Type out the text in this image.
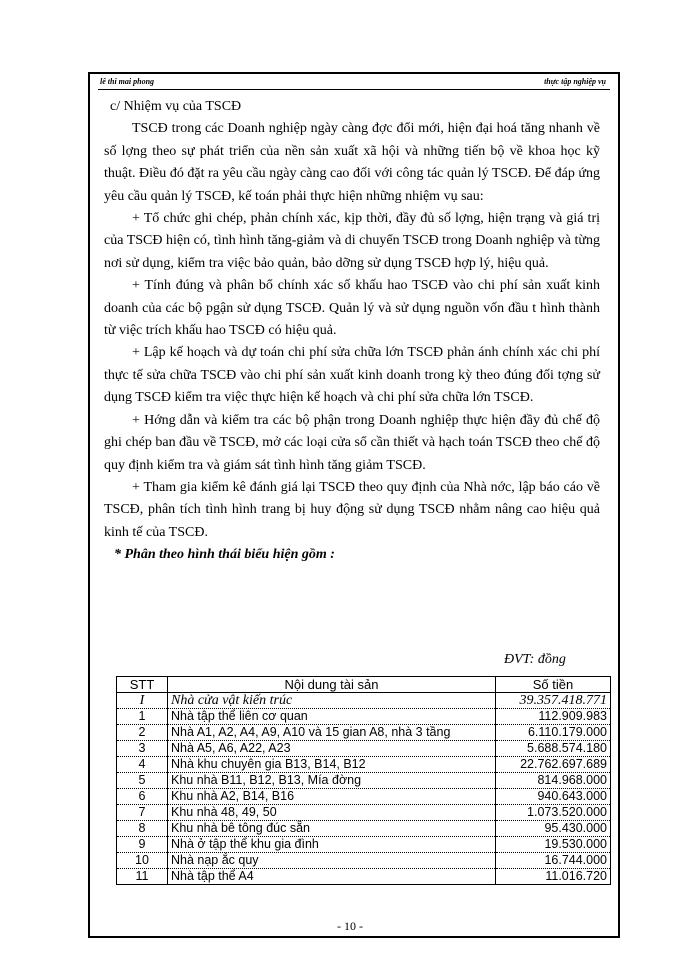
lê thi mai phong	thực tập nghiệp vụ

c/ Nhiệm vụ của TSCĐ

TSCĐ trong các Doanh nghiệp ngày càng đợc đổi mới, hiện đại hoá tăng nhanh về số lợng theo sự phát triển của nền sản xuất xã hội và những tiến bộ về khoa học kỹ thuật. Điều đó đặt ra yêu cầu ngày càng cao đối với công tác quản lý TSCĐ. Để đáp ứng yêu cầu quản lý TSCĐ, kế toán phải thực hiện những nhiệm vụ sau:

+ Tổ chức ghi chép, phản chính xác, kịp thời, đầy đủ số lợng, hiện trạng và giá trị của TSCĐ hiện có, tình hình tăng-giảm và di chuyển TSCĐ trong Doanh nghiệp và từng nơi sử dụng, kiểm tra việc bảo quản, bảo dỡng sử dụng TSCĐ hợp lý, hiệu quả.

+ Tính đúng và phân bổ chính xác số khấu hao TSCĐ vào chi phí sản xuất kinh doanh của các bộ pgận sử dụng TSCĐ. Quản lý và sử dụng nguồn vốn đầu t hình thành từ việc trích khấu hao TSCĐ có hiệu quả.

+ Lập kế hoạch và dự toán chi phí sửa chữa lớn TSCĐ phản ánh chính xác chi phí thực tế sửa chữa TSCĐ vào chi phí sản xuất kinh doanh trong kỳ theo đúng đối tợng sử dụng TSCĐ kiểm tra việc thực hiện kế hoạch và chi phí sửa chữa lớn TSCĐ.

+ Hớng dẫn và kiểm tra các bộ phận trong Doanh nghiệp thực hiện đầy đủ chế độ ghi chép ban đầu về TSCĐ, mở các loại cửa sổ cần thiết và hạch toán TSCĐ theo chế độ quy định kiểm tra và giám sát tình hình tăng giảm TSCĐ.

+ Tham gia kiểm kê đánh giá lại TSCĐ theo quy định của Nhà nớc, lập báo cáo về TSCĐ, phân tích tình hình trang bị huy động sử dụng TSCĐ nhằm nâng cao hiệu quả kinh tế của TSCĐ.

* Phân theo hình thái biểu hiện gồm :

ĐVT: đồng
STT	Nội dung tài sản	Số tiền
I	Nhà cửa vật kiến trúc	39.357.418.771
1	Nhà tập thể liên cơ quan	112.909.983
2	Nhà A1, A2, A4, A9, A10 và 15 gian A8, nhà 3 tầng	6.110.179.000
3	Nhà A5, A6, A22, A23	5.688.574.180
4	Nhà khu chuyên gia B13, B14, B12	22.762.697.689
5	Khu nhà B11, B12, B13, Mía đờng	814.968.000
6	Khu nhà A2, B14, B16	940.643.000
7	Khu nhà 48, 49, 50	1.073.520.000
8	Khu nhà bê tông đúc sẵn	95.430.000
9	Nhà ở tập thể khu gia đình	19.530.000
10	Nhà nạp ắc quy	16.744.000
11	Nhà tập thể A4	11.016.720
- 10 -
